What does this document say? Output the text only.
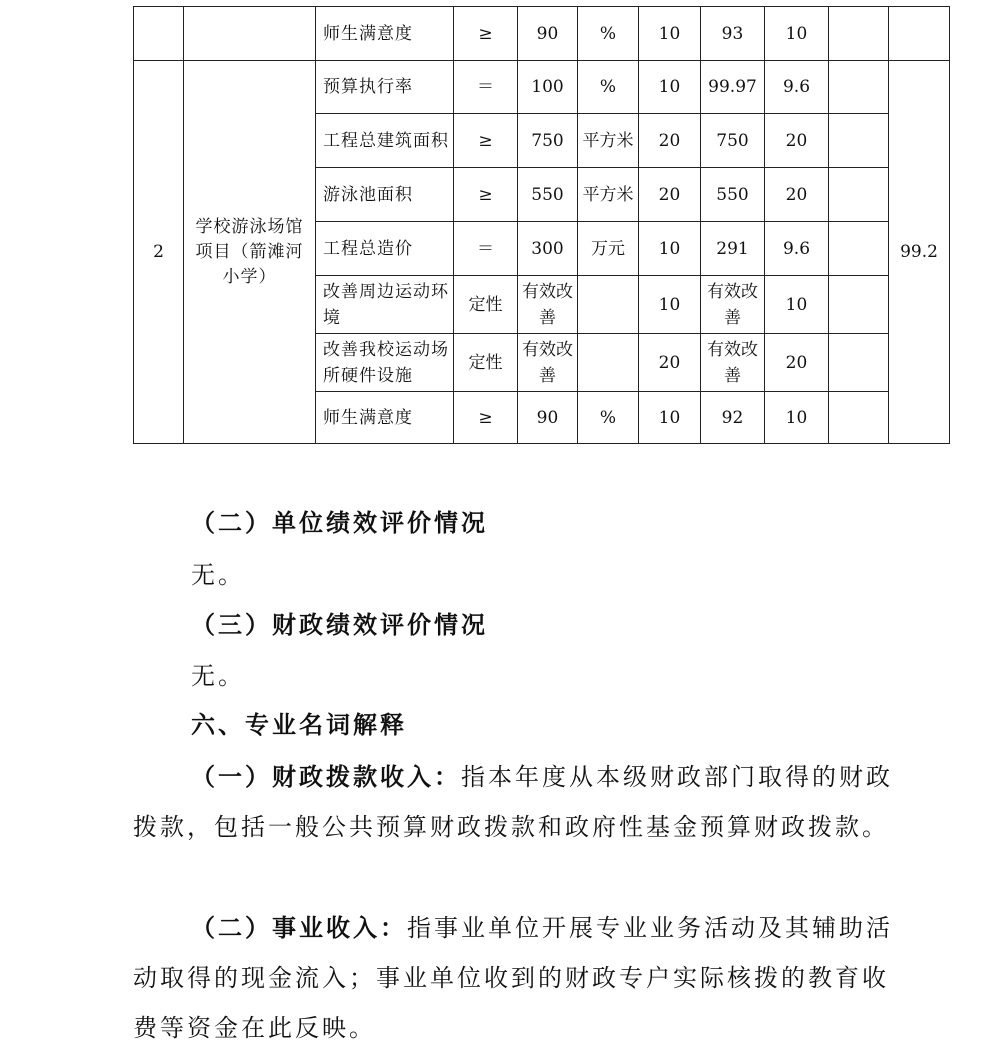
		师生满意度	≥	90	%	10	93	10		
2	学校游泳场馆项目（箭滩河小学）	预算执行率	＝	100	%	10	99.97	9.6		99.2
		工程总建筑面积	≥	750	平方米	20	750	20		
		游泳池面积	≥	550	平方米	20	550	20		
		工程总造价	＝	300	万元	10	291	9.6		
		改善周边运动环境	定性	有效改善		10	有效改善	10		
		改善我校运动场所硬件设施	定性	有效改善		20	有效改善	20		
		师生满意度	≥	90	%	10	92	10		

（二）单位绩效评价情况

无。

（三）财政绩效评价情况

无。

六、专业名词解释

（一）财政拨款收入：指本年度从本级财政部门取得的财政拨款，包括一般公共预算财政拨款和政府性基金预算财政拨款。

（二）事业收入：指事业单位开展专业业务活动及其辅助活动取得的现金流入；事业单位收到的财政专户实际核拨的教育收费等资金在此反映。
